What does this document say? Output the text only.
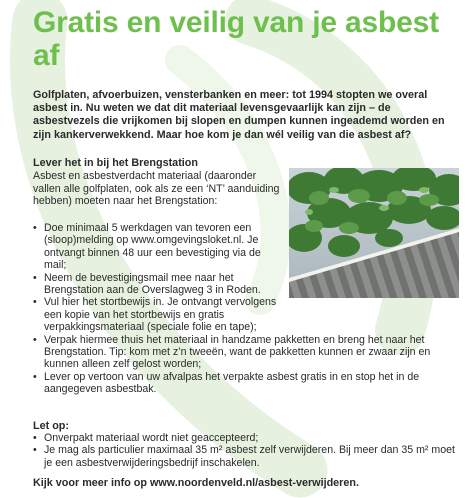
Gratis en veilig van je asbest af

Golfplaten, afvoerbuizen, vensterbanken en meer: tot 1994 stopten we overal asbest in. Nu weten we dat dit materiaal levensgevaarlijk kan zijn – de asbestvezels die vrijkomen bij slopen en dumpen kunnen ingeademd worden en zijn kankerverwekkend. Maar hoe kom je dan wél veilig van die asbest af?

Lever het in bij het Brengstation
Asbest en asbestverdacht materiaal (daaronder vallen alle golfplaten, ook als ze een ‘NT’ aanduiding hebben) moeten naar het Brengstation:
• Doe minimaal 5 werkdagen van tevoren een (sloop)melding op www.omgevingsloket.nl. Je ontvangt binnen 48 uur een bevestiging via de mail;
• Neem de bevestigingsmail mee naar het Brengstation aan de Overslagweg 3 in Roden.
• Vul hier het stortbewijs in. Je ontvangt vervolgens een kopie van het stortbewijs en gratis verpakkingsmateriaal (speciale folie en tape);
• Verpak hiermee thuis het materiaal in handzame pakketten en breng het naar het Brengstation. Tip: kom met z’n tweeën, want de pakketten kunnen er zwaar zijn en kunnen alleen zelf gelost worden;
• Lever op vertoon van uw afvalpas het verpakte asbest gratis in en stop het in de aangegeven asbestbak.
Let op:
• Onverpakt materiaal wordt niet geaccepteerd;
• Je mag als particulier maximaal 35 m² asbest zelf verwijderen. Bij meer dan 35 m² moet je een asbestverwijderingsbedrijf inschakelen.
Kijk voor meer info op www.noordenveld.nl/asbest-verwijderen.
